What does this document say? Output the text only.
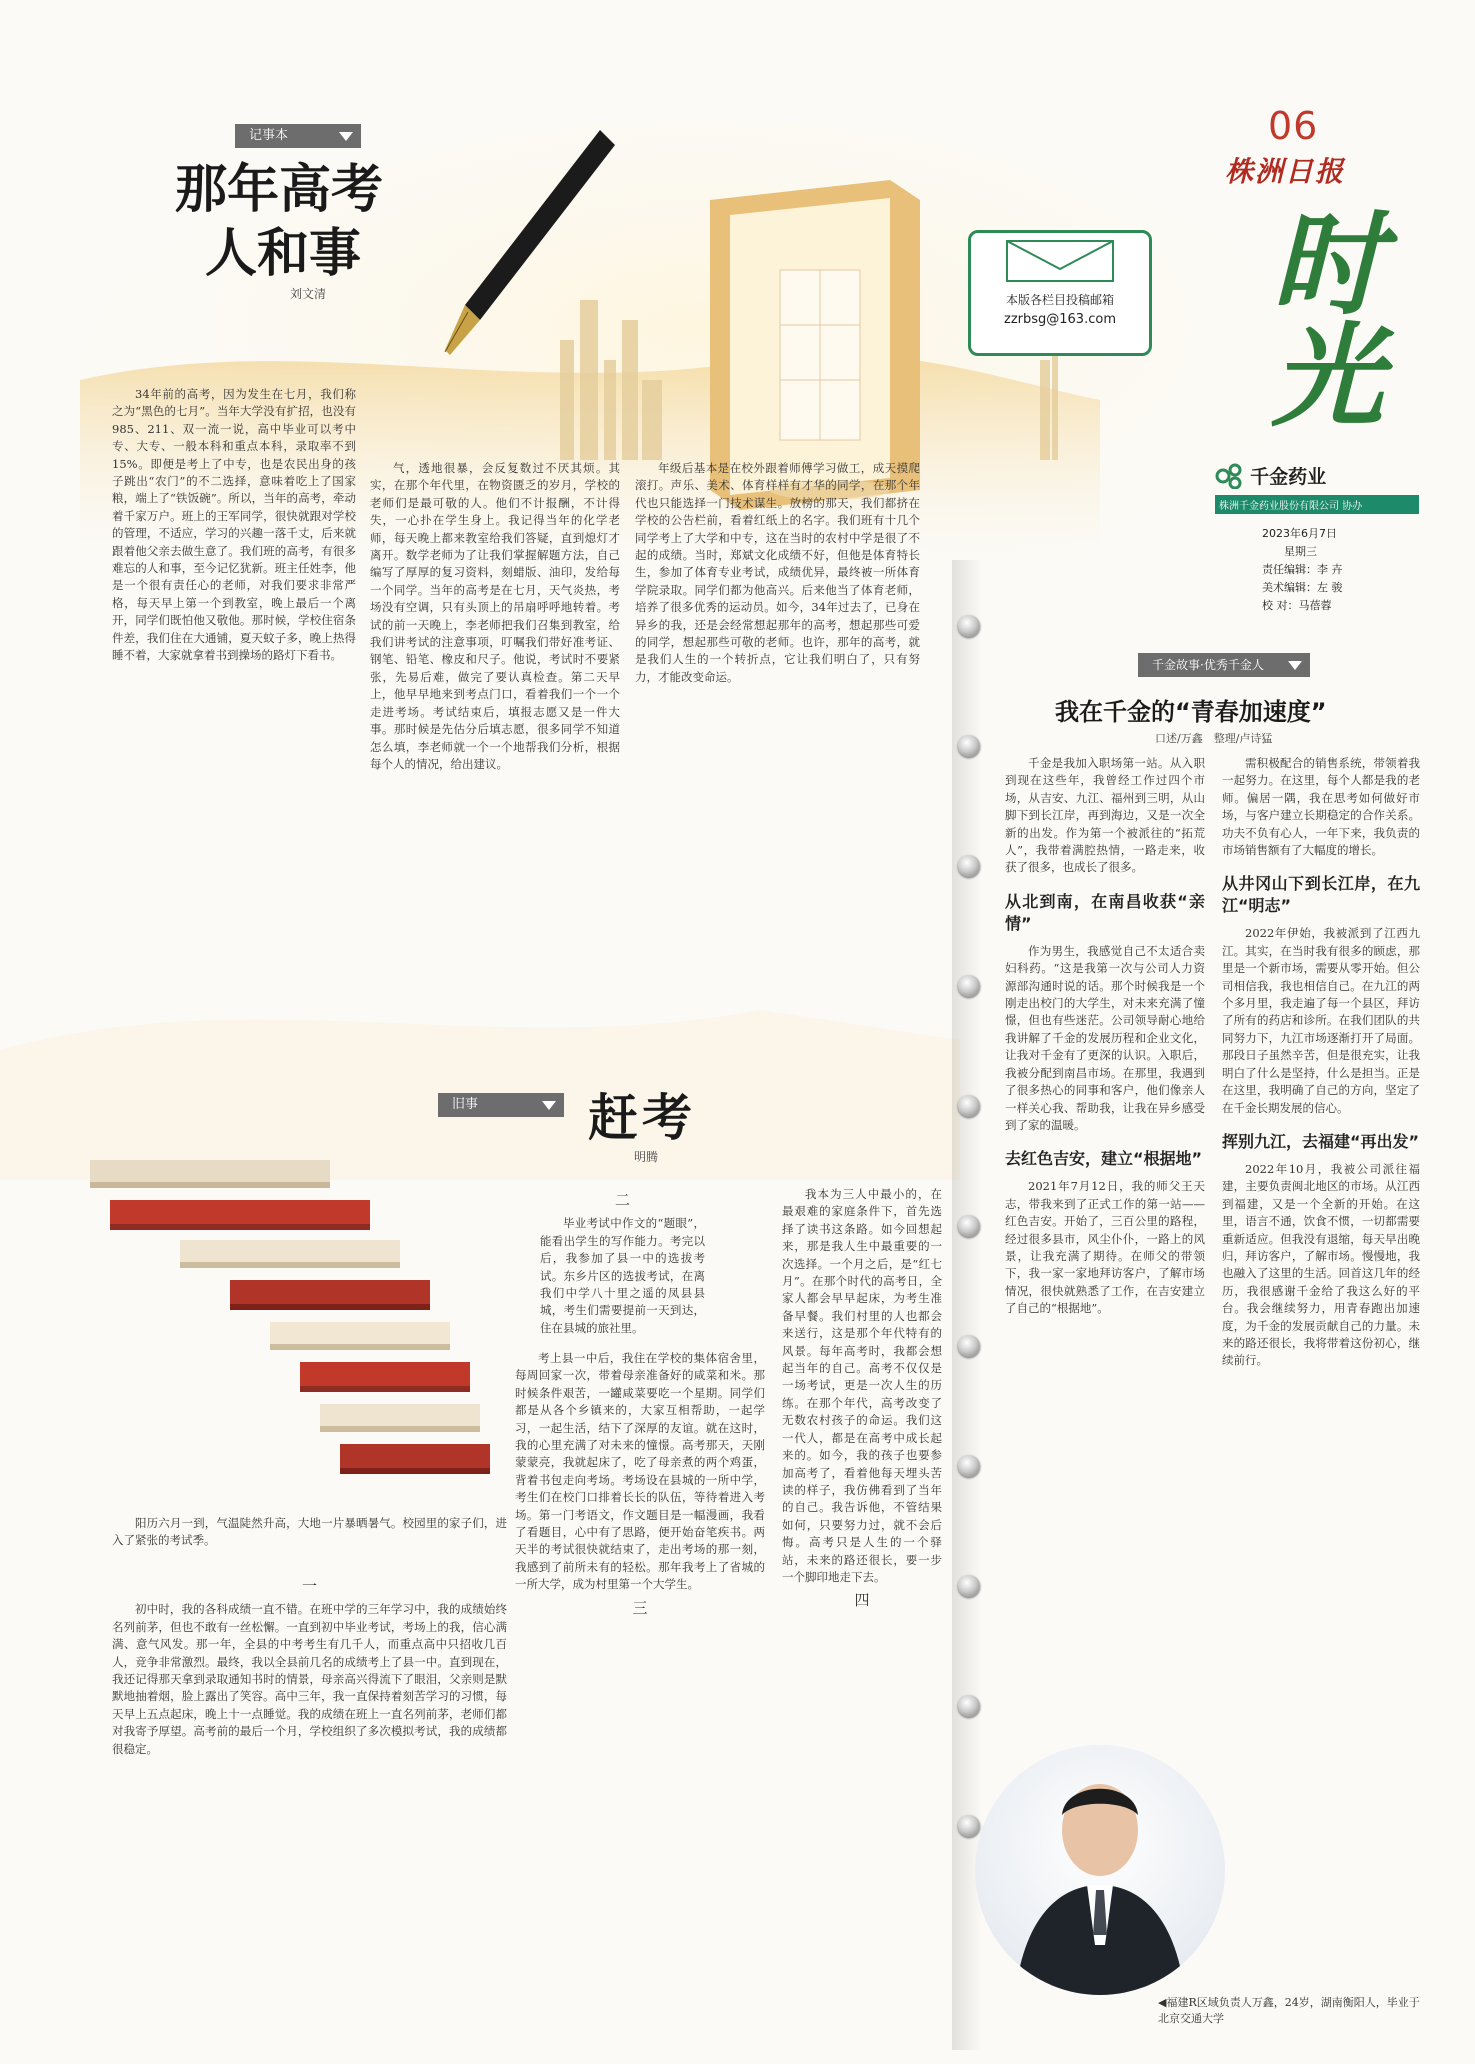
06
株洲日报
时光
千金药业
株洲千金药业股份有限公司 协办
2023年6月7日
星期三
责任编辑：李 卉
美术编辑：左 骏
校 对：马蓓蓉
本版各栏目投稿邮箱
zzrbsg@163.com
记事本
那年高考
人和事
刘文清

34年前的高考，因为发生在七月，我们称之为“黑色的七月”。当年大学没有扩招，也没有985、211、双一流一说，高中毕业可以考中专、大专、一般本科和重点本科，录取率不到15%。即便是考上了中专，也是农民出身的孩子跳出“农门”的不二选择，意味着吃上了国家粮，端上了“铁饭碗”。所以，当年的高考，牵动着千家万户。班上的王军同学，很快就跟对学校的管理，不适应，学习的兴趣一落千丈，后来就跟着他父亲去做生意了。我们班的高考，有很多难忘的人和事，至今记忆犹新。班主任姓李，他是一个很有责任心的老师，对我们要求非常严格，每天早上第一个到教室，晚上最后一个离开，同学们既怕他又敬他。那时候，学校住宿条件差，我们住在大通铺，夏天蚊子多，晚上热得睡不着，大家就拿着书到操场的路灯下看书。

气，透地很暴，会反复数过不厌其烦。其实，在那个年代里，在物资匮乏的岁月，学校的老师们是最可敬的人。他们不计报酬，不计得失，一心扑在学生身上。我记得当年的化学老师，每天晚上都来教室给我们答疑，直到熄灯才离开。数学老师为了让我们掌握解题方法，自己编写了厚厚的复习资料，刻蜡版、油印，发给每一个同学。当年的高考是在七月，天气炎热，考场没有空调，只有头顶上的吊扇呼呼地转着。考试的前一天晚上，李老师把我们召集到教室，给我们讲考试的注意事项，叮嘱我们带好准考证、钢笔、铅笔、橡皮和尺子。他说，考试时不要紧张，先易后难，做完了要认真检查。第二天早上，他早早地来到考点门口，看着我们一个一个走进考场。考试结束后，填报志愿又是一件大事。那时候是先估分后填志愿，很多同学不知道怎么填，李老师就一个一个地帮我们分析，根据每个人的情况，给出建议。

年级后基本是在校外跟着师傅学习做工，成天摸爬滚打。声乐、美术、体育样样有才华的同学，在那个年代也只能选择一门技术谋生。放榜的那天，我们都挤在学校的公告栏前，看着红纸上的名字。我们班有十几个同学考上了大学和中专，这在当时的农村中学是很了不起的成绩。当时，郑斌文化成绩不好，但他是体育特长生，参加了体育专业考试，成绩优异，最终被一所体育学院录取。同学们都为他高兴。后来他当了体育老师，培养了很多优秀的运动员。如今，34年过去了，已身在异乡的我，还是会经常想起那年的高考，想起那些可爱的同学，想起那些可敬的老师。也许，那年的高考，就是我们人生的一个转折点，它让我们明白了，只有努力，才能改变命运。

旧事	赶考
明腾

阳历六月一到，气温陡然升高，大地一片暴晒暑气。校园里的家子们，进入了紧张的考试季。

一

初中时，我的各科成绩一直不错。在班中学的三年学习中，我的成绩始终名列前茅，但也不敢有一丝松懈。一直到初中毕业考试，考场上的我，信心满满、意气风发。那一年，全县的中考考生有几千人，而重点高中只招收几百人，竞争非常激烈。最终，我以全县前几名的成绩考上了县一中。直到现在，我还记得那天拿到录取通知书时的情景，母亲高兴得流下了眼泪，父亲则是默默地抽着烟，脸上露出了笑容。高中三年，我一直保持着刻苦学习的习惯，每天早上五点起床，晚上十一点睡觉。我的成绩在班上一直名列前茅，老师们都对我寄予厚望。高考前的最后一个月，学校组织了多次模拟考试，我的成绩都很稳定。

二

毕业考试中作文的“题眼”，能看出学生的写作能力。考完以后，我参加了县一中的选拔考试。东乡片区的选拔考试，在离我们中学八十里之遥的凤县县城，考生们需要提前一天到达，住在县城的旅社里。

考上县一中后，我住在学校的集体宿舍里，每周回家一次，带着母亲准备好的咸菜和米。那时候条件艰苦，一罐咸菜要吃一个星期。同学们都是从各个乡镇来的，大家互相帮助，一起学习，一起生活，结下了深厚的友谊。就在这时，我的心里充满了对未来的憧憬。高考那天，天刚蒙蒙亮，我就起床了，吃了母亲煮的两个鸡蛋，背着书包走向考场。考场设在县城的一所中学，考生们在校门口排着长长的队伍，等待着进入考场。第一门考语文，作文题目是一幅漫画，我看了看题目，心中有了思路，便开始奋笔疾书。两天半的考试很快就结束了，走出考场的那一刻，我感到了前所未有的轻松。那年我考上了省城的一所大学，成为村里第一个大学生。

三

我本为三人中最小的，在最艰难的家庭条件下，首先选择了读书这条路。如今回想起来，那是我人生中最重要的一次选择。一个月之后，是“红七月”。在那个时代的高考日，全家人都会早早起床，为考生准备早餐。我们村里的人也都会来送行，这是那个年代特有的风景。每年高考时，我都会想起当年的自己。高考不仅仅是一场考试，更是一次人生的历练。在那个年代，高考改变了无数农村孩子的命运。我们这一代人，都是在高考中成长起来的。如今，我的孩子也要参加高考了，看着他每天埋头苦读的样子，我仿佛看到了当年的自己。我告诉他，不管结果如何，只要努力过，就不会后悔。高考只是人生的一个驿站，未来的路还很长，要一步一个脚印地走下去。

四
千金故事·优秀千金人
我在千金的“青春加速度”
口述/万鑫　整理/卢诗猛

千金是我加入职场第一站。从入职到现在这些年，我曾经工作过四个市场，从吉安、九江、福州到三明，从山脚下到长江岸，再到海边，又是一次全新的出发。作为第一个被派往的“拓荒人”，我带着满腔热情，一路走来，收获了很多，也成长了很多。

从北到南，在南昌收获“亲情”

作为男生，我感觉自己不太适合卖妇科药。“这是我第一次与公司人力资源部沟通时说的话。那个时候我是一个刚走出校门的大学生，对未来充满了憧憬，但也有些迷茫。公司领导耐心地给我讲解了千金的发展历程和企业文化，让我对千金有了更深的认识。入职后，我被分配到南昌市场。在那里，我遇到了很多热心的同事和客户，他们像亲人一样关心我、帮助我，让我在异乡感受到了家的温暖。

去红色吉安，建立“根据地”

2021年7月12日，我的师父王天志，带我来到了正式工作的第一站——红色吉安。开始了，三百公里的路程，经过很多县市，风尘仆仆，一路上的风景，让我充满了期待。在师父的带领下，我一家一家地拜访客户，了解市场情况，很快就熟悉了工作，在吉安建立了自己的“根据地”。

需积极配合的销售系统，带领着我一起努力。在这里，每个人都是我的老师。偏居一隅，我在思考如何做好市场，与客户建立长期稳定的合作关系。功夫不负有心人，一年下来，我负责的市场销售额有了大幅度的增长。

从井冈山下到长江岸，在九江“明志”

2022年伊始，我被派到了江西九江。其实，在当时我有很多的顾虑，那里是一个新市场，需要从零开始。但公司相信我，我也相信自己。在九江的两个多月里，我走遍了每一个县区，拜访了所有的药店和诊所。在我们团队的共同努力下，九江市场逐渐打开了局面。那段日子虽然辛苦，但是很充实，让我明白了什么是坚持，什么是担当。正是在这里，我明确了自己的方向，坚定了在千金长期发展的信心。

挥别九江，去福建“再出发”

2022年10月，我被公司派往福建，主要负责闽北地区的市场。从江西到福建，又是一个全新的开始。在这里，语言不通，饮食不惯，一切都需要重新适应。但我没有退缩，每天早出晚归，拜访客户，了解市场。慢慢地，我也融入了这里的生活。回首这几年的经历，我很感谢千金给了我这么好的平台。我会继续努力，用青春跑出加速度，为千金的发展贡献自己的力量。未来的路还很长，我将带着这份初心，继续前行。

◀福建R区域负责人万鑫，24岁，湖南衡阳人，毕业于北京交通大学
